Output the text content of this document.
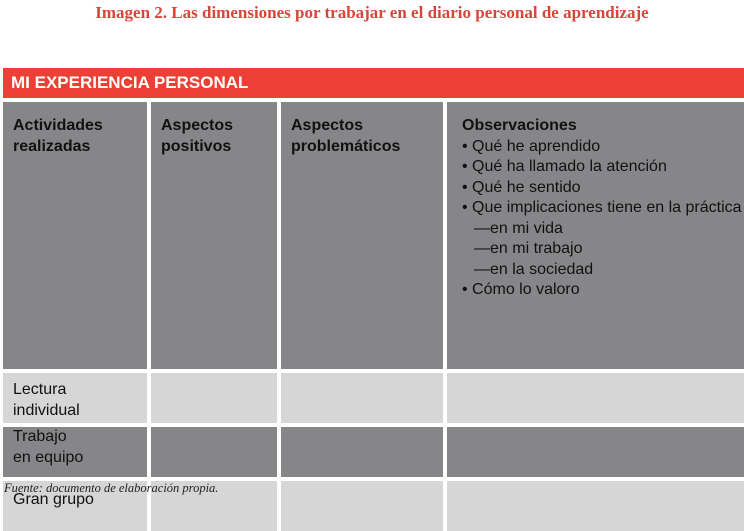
Imagen 2. Las dimensiones por trabajar en el diario personal de aprendizaje
MI EXPERIENCIA PERSONAL
Actividades
realizadas
Aspectos
positivos
Aspectos
problemáticos
Observaciones
• Qué he aprendido
• Qué ha llamado la atención
• Qué he sentido
• Que implicaciones tiene en la práctica
—en mi vida
—en mi trabajo
—en la sociedad
• Cómo lo valoro
Lectura
individual
Trabajo
en equipo
Gran grupo
Fuente: documento de elaboración propia.
